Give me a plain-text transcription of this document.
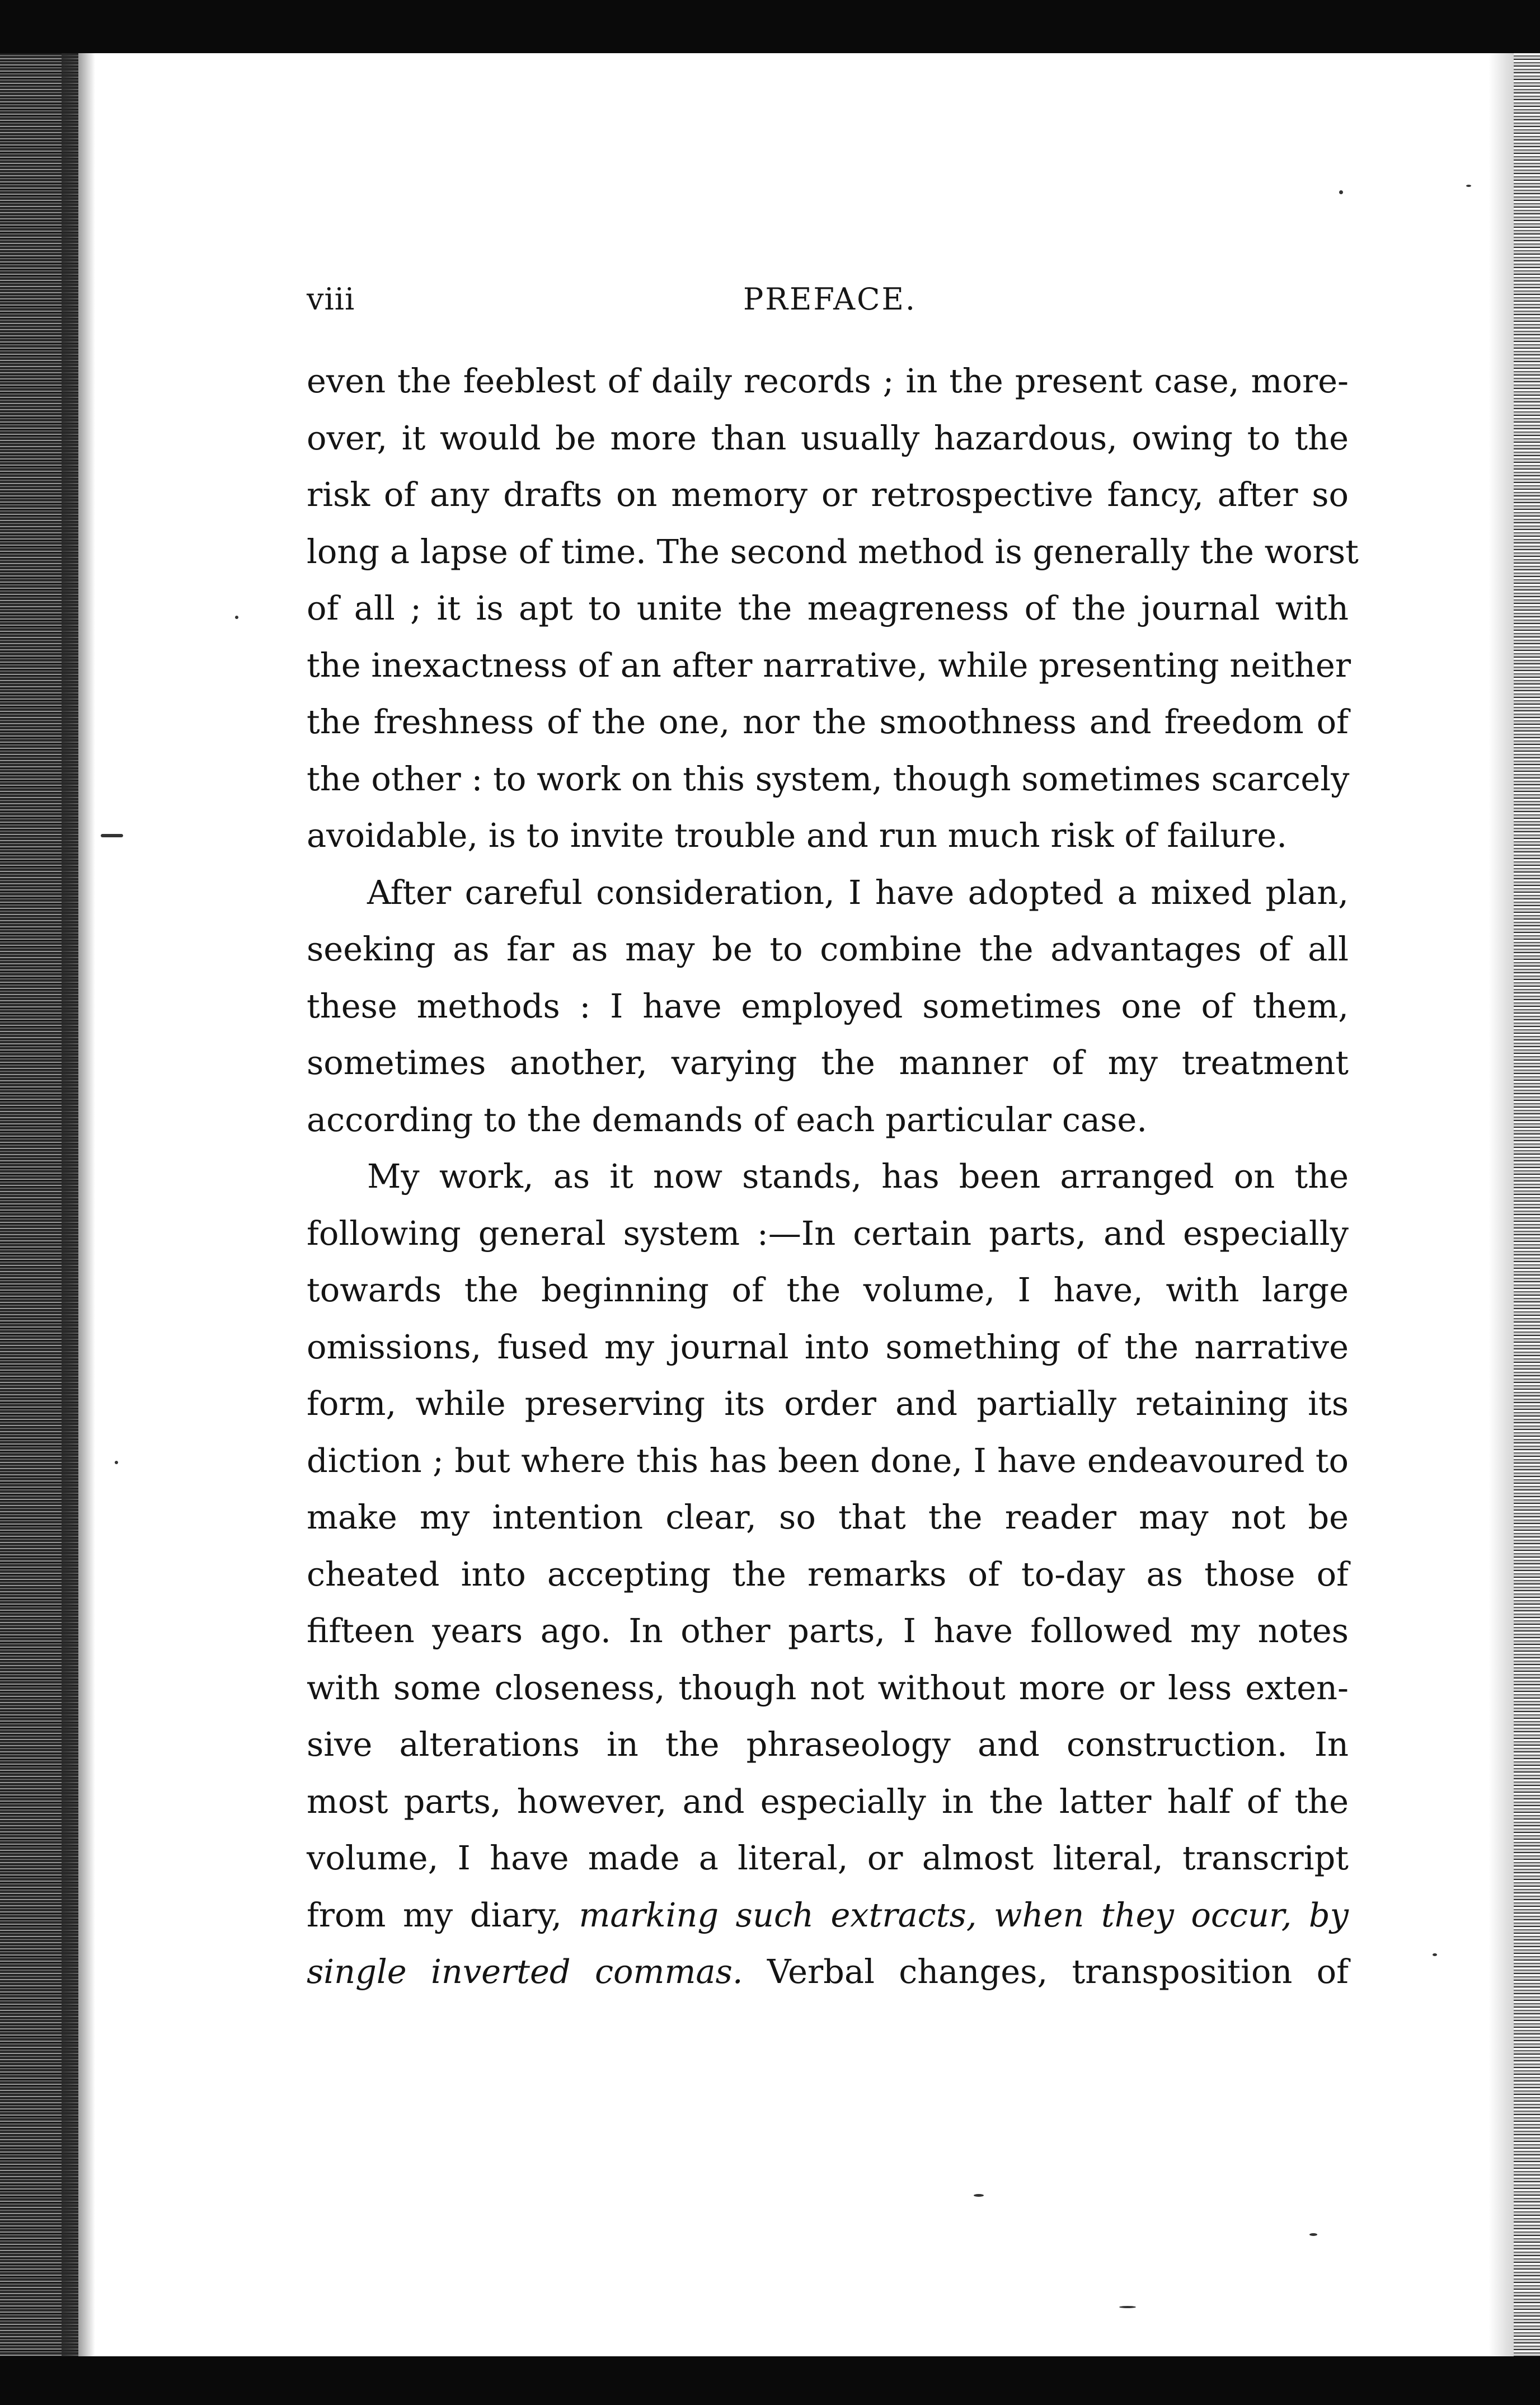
viii	PREFACE.
even the feeblest of daily records ; in the present case, more-
over, it would be more than usually hazardous, owing to the
risk of any drafts on memory or retrospective fancy, after so
long a lapse of time. The second method is generally the worst
of all ; it is apt to unite the meagreness of the journal with
the inexactness of an after narrative, while presenting neither
the freshness of the one, nor the smoothness and freedom of
the other : to work on this system, though sometimes scarcely
avoidable, is to invite trouble and run much risk of failure.
After careful consideration, I have adopted a mixed plan,
seeking as far as may be to combine the advantages of all
these methods : I have employed sometimes one of them,
sometimes another, varying the manner of my treatment
according to the demands of each particular case.
My work, as it now stands, has been arranged on the
following general system :—In certain parts, and especially
towards the beginning of the volume, I have, with large
omissions, fused my journal into something of the narrative
form, while preserving its order and partially retaining its
diction ; but where this has been done, I have endeavoured to
make my intention clear, so that the reader may not be
cheated into accepting the remarks of to-day as those of
fifteen years ago. In other parts, I have followed my notes
with some closeness, though not without more or less exten-
sive alterations in the phraseology and construction. In
most parts, however, and especially in the latter half of the
volume, I have made a literal, or almost literal, transcript
from my diary, marking such extracts, when they occur, by
single inverted commas. Verbal changes, transposition of
